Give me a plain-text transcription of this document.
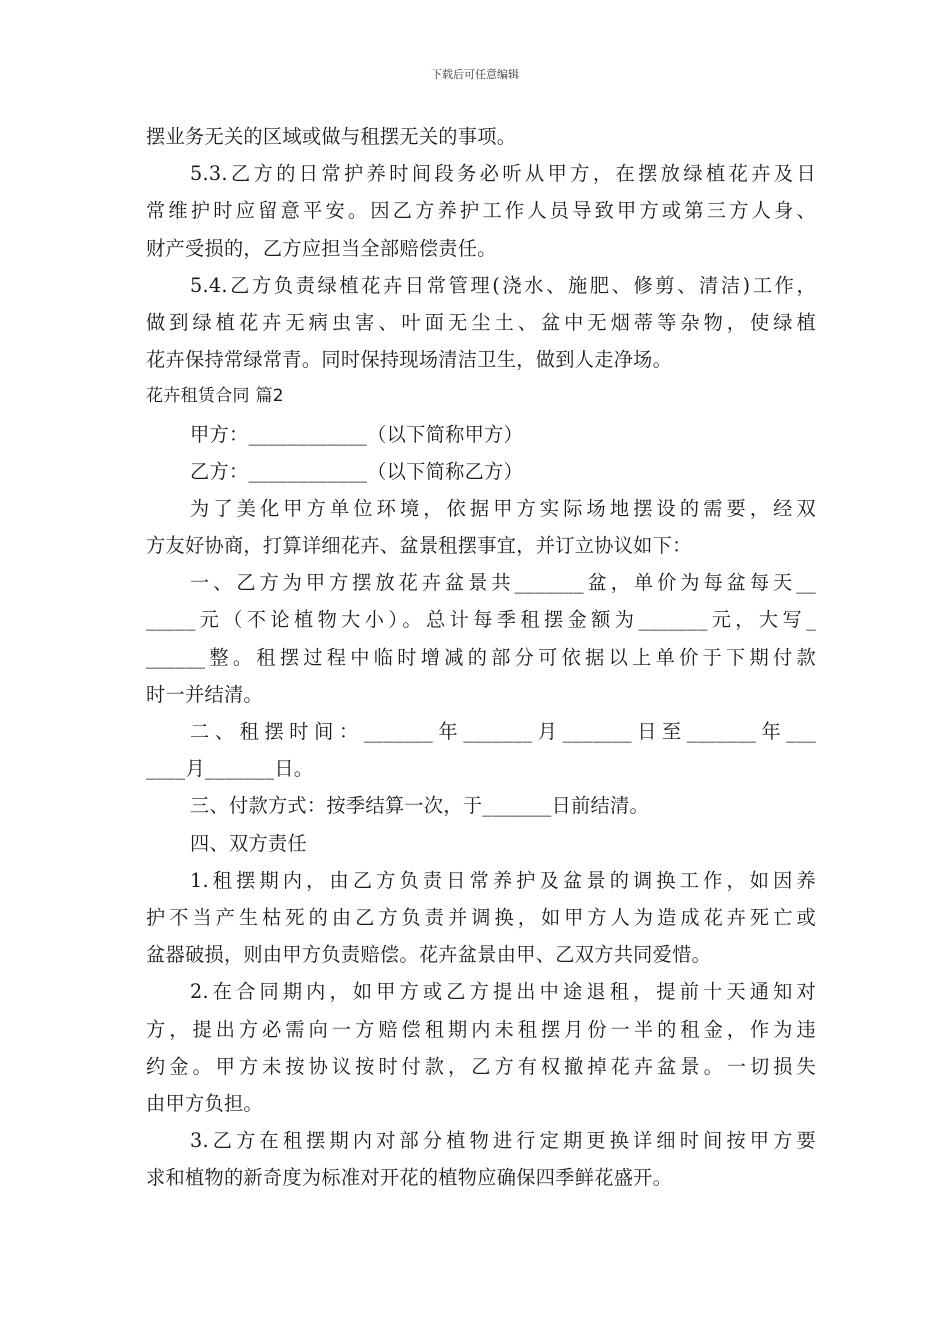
下载后可任意编辑
摆业务无关的区域或做与租摆无关的事项。
5.3.乙方的日常护养时间段务必听从甲方，在摆放绿植花卉及日
常维护时应留意平安。因乙方养护工作人员导致甲方或第三方人身、
财产受损的，乙方应担当全部赔偿责任。
5.4.乙方负责绿植花卉日常管理(浇水、施肥、修剪、清洁)工作，
做到绿植花卉无病虫害、叶面无尘土、盆中无烟蒂等杂物，使绿植
花卉保持常绿常青。同时保持现场清洁卫生，做到人走净场。
花卉租赁合同 篇2
甲方：____________（以下简称甲方）
乙方：____________（以下简称乙方）
为了美化甲方单位环境，依据甲方实际场地摆设的需要，经双
方友好协商，打算详细花卉、盆景租摆事宜，并订立协议如下：
一、乙方为甲方摆放花卉盆景共_______盆，单价为每盆每天__
_____元（不论植物大小）。总计每季租摆金额为_______元，大写_
______整。租摆过程中临时增减的部分可依据以上单价于下期付款
时一并结清。
二、租摆时间：_______年_______月_______日至_______年___
____月_______日。
三、付款方式：按季结算一次，于_______日前结清。
四、双方责任
1.租摆期内，由乙方负责日常养护及盆景的调换工作，如因养
护不当产生枯死的由乙方负责并调换，如甲方人为造成花卉死亡或
盆器破损，则由甲方负责赔偿。花卉盆景由甲、乙双方共同爱惜。
2.在合同期内，如甲方或乙方提出中途退租，提前十天通知对
方，提出方必需向一方赔偿租期内未租摆月份一半的租金，作为违
约金。甲方未按协议按时付款，乙方有权撤掉花卉盆景。一切损失
由甲方负担。
3.乙方在租摆期内对部分植物进行定期更换详细时间按甲方要
求和植物的新奇度为标准对开花的植物应确保四季鲜花盛开。
